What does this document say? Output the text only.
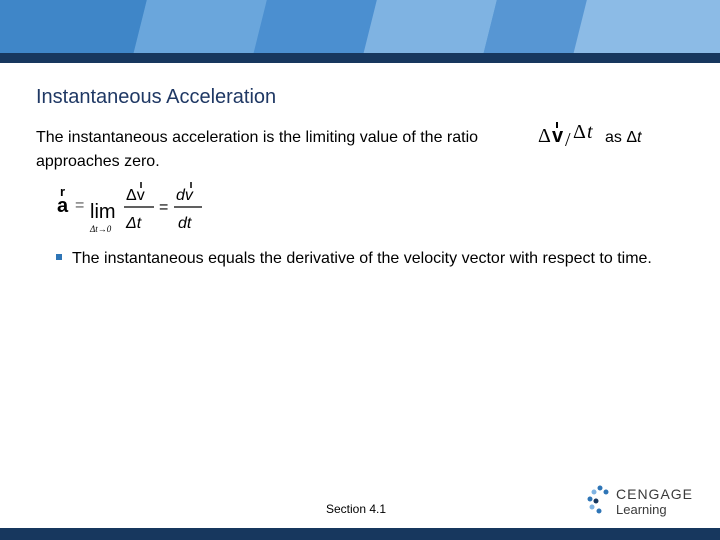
Instantaneous Acceleration
The instantaneous acceleration is the limiting value of the ratio
approaches zero.
Δ v / Δ t as Δt
r
a = lim
Δt→0
Δv
Δt
=
dv
dt
The instantaneous equals the derivative of the velocity vector with respect to time.
Section 4.1
CENGAGE
Learning
